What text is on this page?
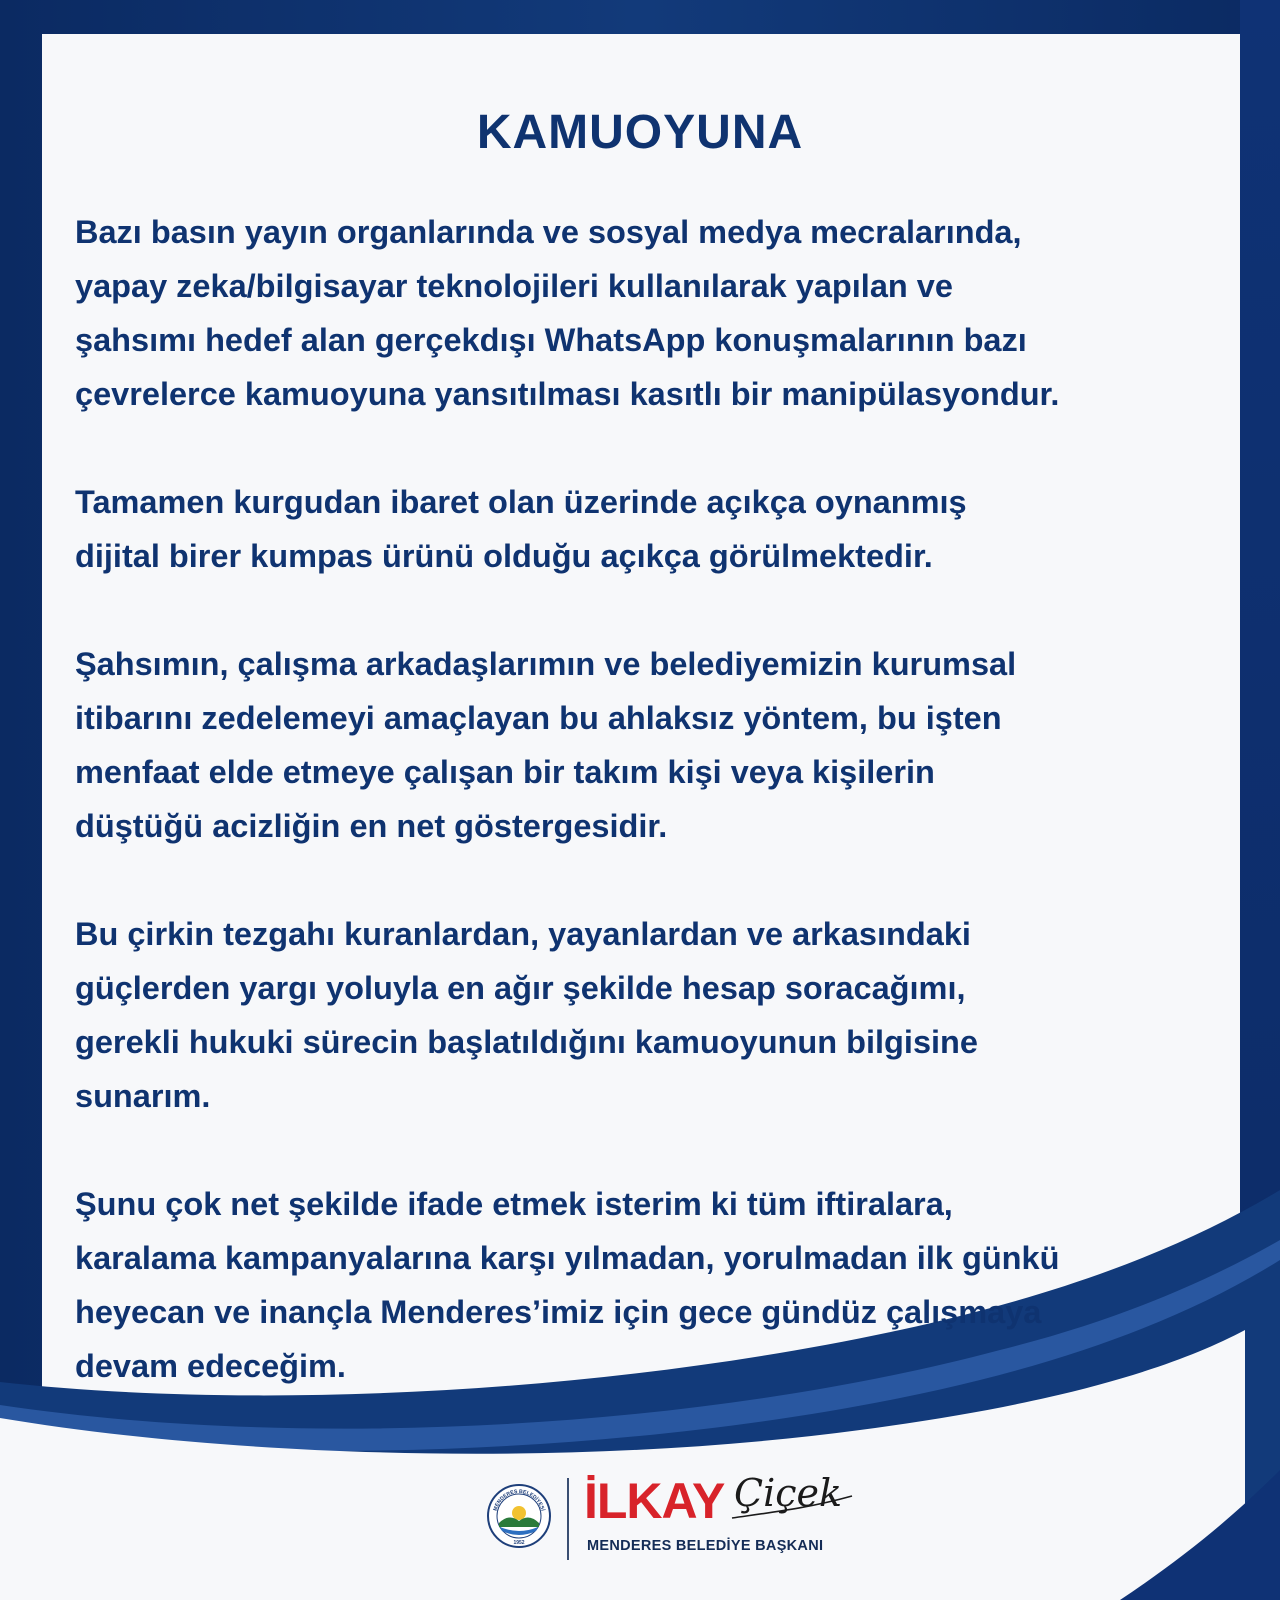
KAMUOYUNA

Bazı basın yayın organlarında ve sosyal medya mecralarında,
yapay zeka/bilgisayar teknolojileri kullanılarak yapılan ve
şahsımı hedef alan gerçekdışı WhatsApp konuşmalarının bazı
çevrelerce kamuoyuna yansıtılması kasıtlı bir manipülasyondur.

Tamamen kurgudan ibaret olan üzerinde açıkça oynanmış
dijital birer kumpas ürünü olduğu açıkça görülmektedir.

Şahsımın, çalışma arkadaşlarımın ve belediyemizin kurumsal
itibarını zedelemeyi amaçlayan bu ahlaksız yöntem, bu işten
menfaat elde etmeye çalışan bir takım kişi veya kişilerin
düştüğü acizliğin en net göstergesidir.

Bu çirkin tezgahı kuranlardan, yayanlardan ve arkasındaki
güçlerden yargı yoluyla en ağır şekilde hesap soracağımı,
gerekli hukuki sürecin başlatıldığını kamuoyunun bilgisine
sunarım.

Şunu çok net şekilde ifade etmek isterim ki tüm iftiralara,
karalama kampanyalarına karşı yılmadan, yorulmadan ilk günkü
heyecan ve inançla Menderes’imiz için gece gündüz çalışmaya
devam edeceğim.

MENDERES BELEDİYESİ
1952
İLKAY Çiçek
MENDERES BELEDİYE BAŞKANI
